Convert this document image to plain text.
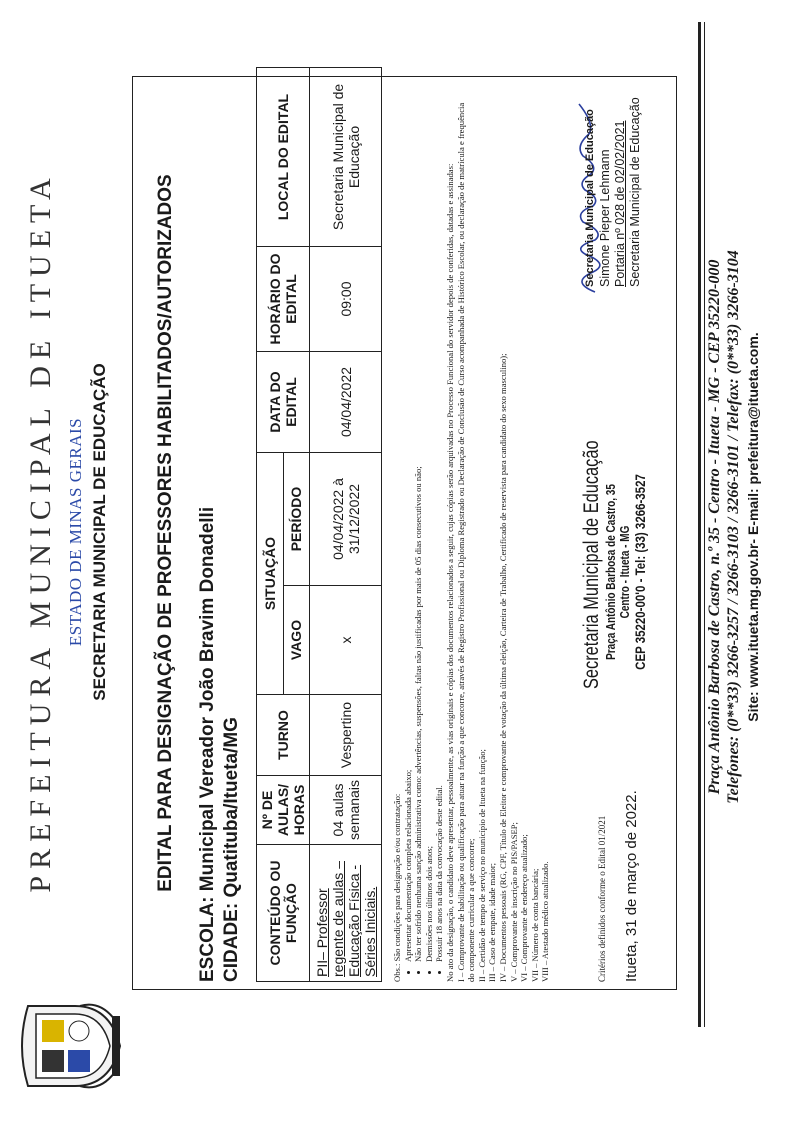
PREFEITURA MUNICIPAL DE ITUETA ESTADO DE MINAS GERAIS SECRETARIA MUNICIPAL DE EDUCAÇÃO EDITAL PARA DESIGNAÇÃO DE PROFESSORES HABILITADOS/AUTORIZADOS ESCOLA: Municipal Vereador João Bravim Donadelli CIDADE: Quatituba/Itueta/MG CONTEÚDO OU FUNÇÃO	Nº DE AULAS/ HORAS	TURNO	SITUAÇÃO		DATA DO EDITAL	HORÁRIO DO EDITAL	LOCAL DO EDITAL
			VAGO	PERÍODO			
PII– Professor regente de aulas – Educação Física - Séries Iniciais.	04 aulas semanais	Vespertino	x	04/04/2022 à 31/12/2022	04/04/2022	09:00	Secretaria Municipal de Educação

Obs.: São condições para designação e/ou contratação: • Apresentar documentação completa relacionada abaixo; • Não ter sofrido nenhuma sanção administrativa como: advertências, suspensões, faltas não justificadas por mais de 05 dias consecutivos ou não; • Demissões nos últimos dois anos; • Possuir 18 anos na data da convocação deste edital. No ato da designação, o candidato deve apresentar, pessoalmente, as vias originais e cópias dos documentos relacionados a seguir, cujas cópias serão arquivadas no Processo Funcional do servidor depois de conferidas, datadas e assinadas: I – Comprovante de habilitação ou qualificação para atuar na função a que concorre, através de Registro Profissional ou Diploma Registrado ou Declaração de Conclusão de Curso acompanhada de Histórico Escolar, ou declaração de matrícula e frequência do componente curricular a que concorre; II – Certidão de tempo de serviço no município de Itueta na função; III – Caso de empate, idade maior; IV – Documentos pessoais (RG, CPF, Título de Eleitor e comprovante de votação da última eleição, Carteira de Trabalho, Certificado de reservista para candidato do sexo masculino); V – Comprovante de inscrição no PIS/PASEP; VI – Comprovante de endereço atualizado; VII – Número de conta bancária; VIII – Atestado médico atualizado.	Critérios definidos conforme o Edital 01/2021 Itueta, 31 de março de 2022.
Secretaria Municipal de Educação Praça Antônio Barbosa de Castro, 35 Centro - Itueta - MG CEP 35220-00'0 - Tel: (33) 3266-3527
Secretaria Municipal de Educação Simone Pieper Lehmann Portaria nº 028 de 02/02/2021 Secretaria Municipal de Educação
Praça Antônio Barbosa de Castro, n.º 35 - Centro - Itueta - MG - CEP 35220-000 Telefones: (0**33) 3266-3257 / 3266-3103 / 3266-3101 / Telefax: (0**33) 3266-3104 Site: www.itueta.mg.gov.br- E-mail: prefeitura@itueta.com.
